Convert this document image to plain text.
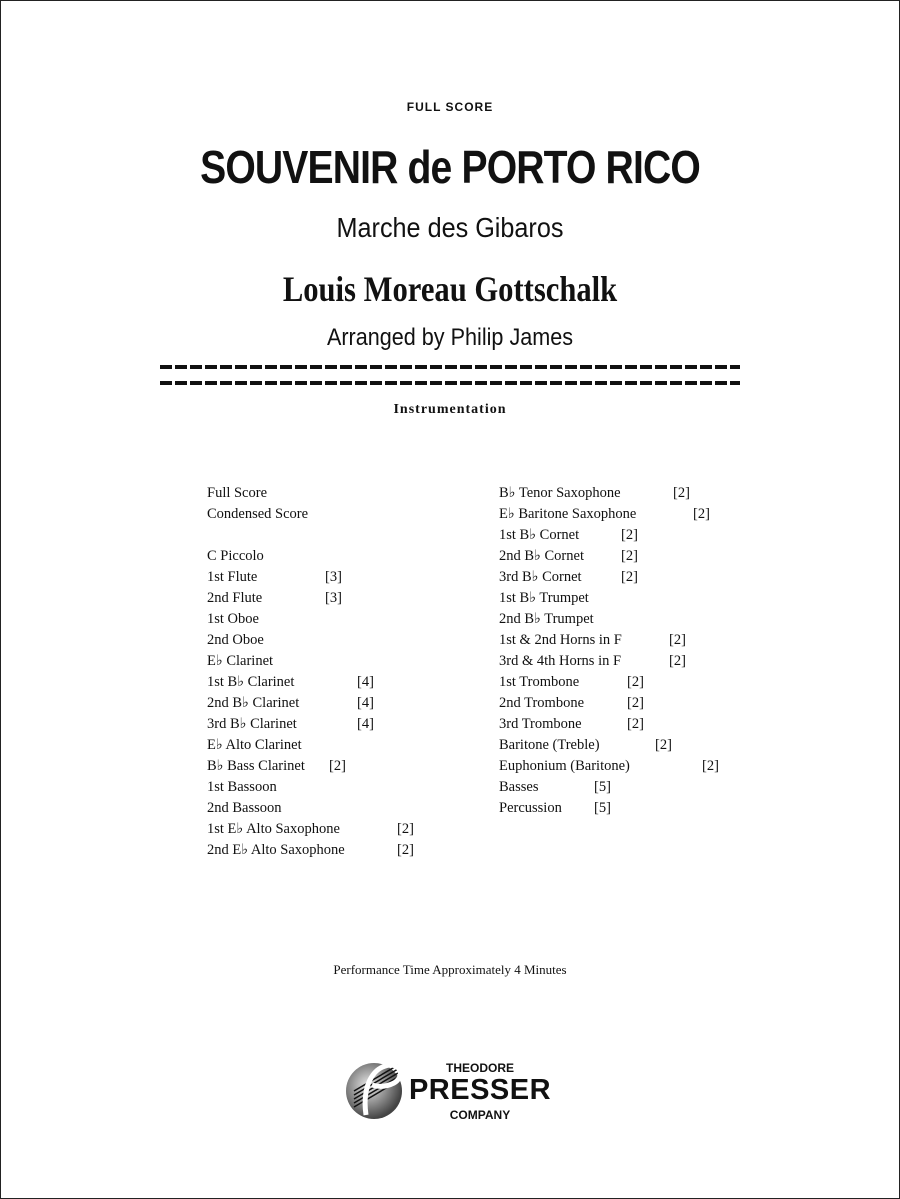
FULL SCORE
SOUVENIR de PORTO RICO
Marche des Gibaros
Louis Moreau Gottschalk
Arranged by Philip James
Instrumentation
Full Score
Condensed Score
C Piccolo
1st Flute	[3]
2nd Flute	[3]
1st Oboe
2nd Oboe
E♭ Clarinet
1st B♭ Clarinet	[4]
2nd B♭ Clarinet	[4]
3rd B♭ Clarinet	[4]
E♭ Alto Clarinet
B♭ Bass Clarinet [2]
1st Bassoon
2nd Bassoon
1st E♭ Alto Saxophone	[2]
2nd E♭ Alto Saxophone	[2]
B♭ Tenor Saxophone	[2]
E♭ Baritone Saxophone	[2]
1st B♭ Cornet	[2]
2nd B♭ Cornet	[2]
3rd B♭ Cornet	[2]
1st B♭ Trumpet
2nd B♭ Trumpet
1st & 2nd Horns in F	[2]
3rd & 4th Horns in F	[2]
1st Trombone	[2]
2nd Trombone	[2]
3rd Trombone	[2]
Baritone (Treble)	[2]
Euphonium (Baritone)	[2]
Basses	[5]
Percussion [5]
Performance Time Approximately 4 Minutes
THEODORE
PRESSER
COMPANY
